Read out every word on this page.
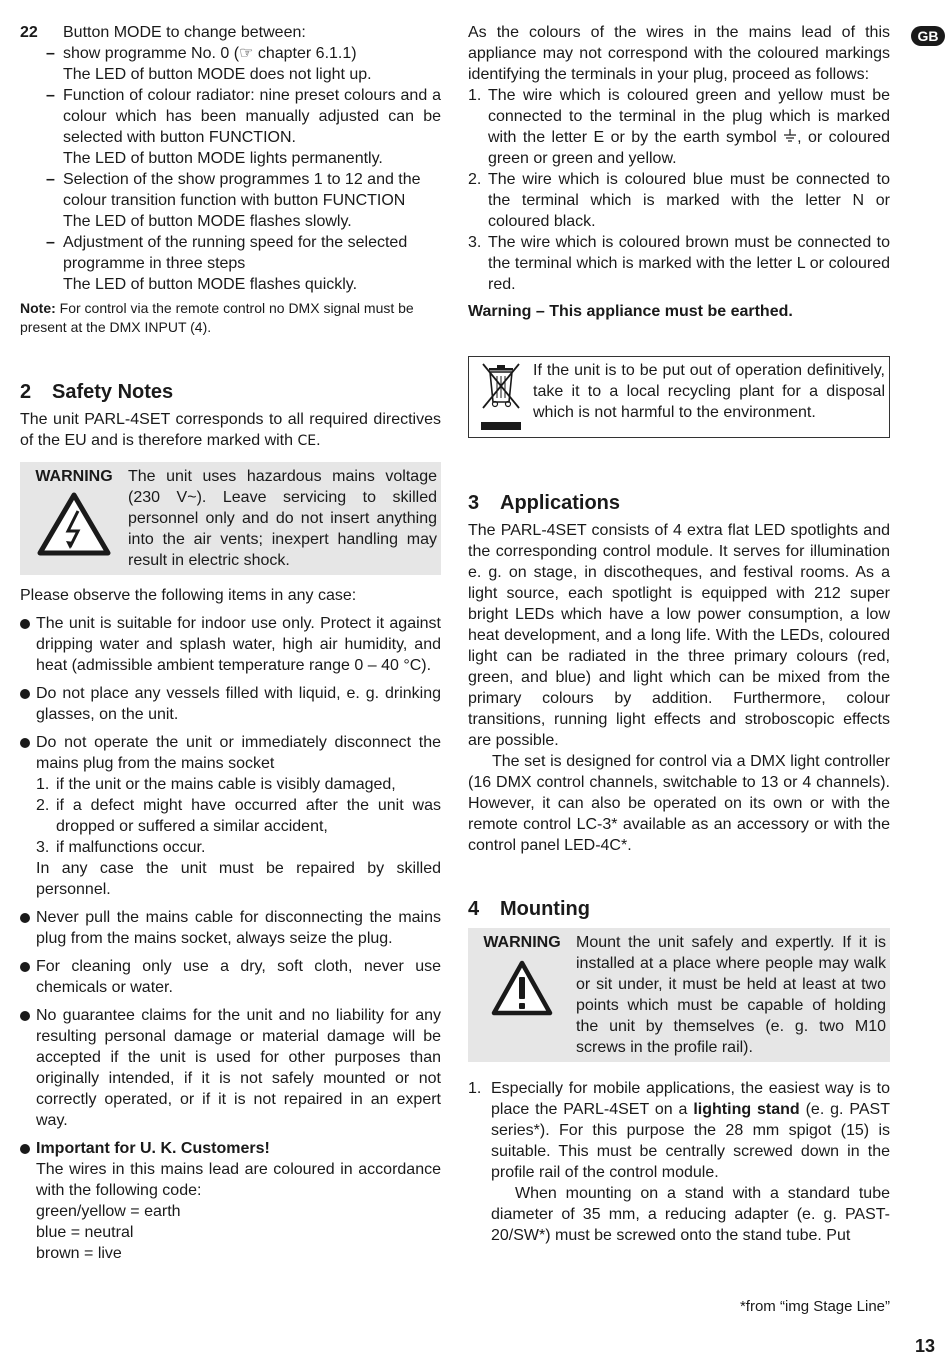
GB
22 Button MODE to change between:

– show programme No. 0 (☞ chapter 6.1.1)

The LED of button MODE does not light up.

– Function of colour radiator: nine preset colours and a colour which has been manually adjusted can be selected with button FUNCTION.

The LED of button MODE lights permanently.

– Selection of the show programmes 1 to 12 and the colour transition function with button FUNCTION

The LED of button MODE flashes slowly.

– Adjustment of the running speed for the selected programme in three steps

The LED of button MODE flashes quickly.

Note: For control via the remote control no DMX signal must be present at the DMX INPUT (4).

2 Safety Notes

The unit PARL-4SET corresponds to all required directives of the EU and is therefore marked with CE.

WARNING The unit uses hazardous mains voltage (230 V~). Leave servicing to skilled personnel only and do not insert anything into the air vents; inexpert handling may result in electric shock.

Please observe the following items in any case:

The unit is suitable for indoor use only. Protect it against dripping water and splash water, high air humidity, and heat (admissible ambient temperature range 0 – 40 °C).

Do not place any vessels filled with liquid, e. g. drinking glasses, on the unit.

Do not operate the unit or immediately disconnect the mains plug from the mains socket

1. if the unit or the mains cable is visibly damaged,

2. if a defect might have occurred after the unit was dropped or suffered a similar accident,

3. if malfunctions occur.

In any case the unit must be repaired by skilled personnel.

Never pull the mains cable for disconnecting the mains plug from the mains socket, always seize the plug.

For cleaning only use a dry, soft cloth, never use chemicals or water.

No guarantee claims for the unit and no liability for any resulting personal damage or material damage will be accepted if the unit is used for other purposes than originally intended, if it is not safely mounted or not correctly operated, or if it is not repaired in an expert way.

Important for U. K. Customers!

The wires in this mains lead are coloured in accordance with the following code:

green/yellow = earth

blue = neutral

brown = live

As the colours of the wires in the mains lead of this appliance may not correspond with the coloured markings identifying the terminals in your plug, proceed as follows:

1. The wire which is coloured green and yellow must be connected to the terminal in the plug which is marked with the letter E or by the earth symbol , or coloured green or green and yellow.

2. The wire which is coloured blue must be connected to the terminal which is marked with the letter N or coloured black.

3. The wire which is coloured brown must be connected to the terminal which is marked with the letter L or coloured red.

Warning – This appliance must be earthed.

If the unit is to be put out of operation definitively, take it to a local recycling plant for a disposal which is not harmful to the environment.

3 Applications

The PARL-4SET consists of 4 extra flat LED spotlights and the corresponding control module. It serves for illumination e. g. on stage, in discotheques, and festival rooms. As a light source, each spotlight is equipped with 212 super bright LEDs which have a low power consumption, a low heat development, and a long life. With the LEDs, coloured light can be radiated in the three primary colours (red, green, and blue) and light which can be mixed from the primary colours by addition. Furthermore, colour transitions, running light effects and stroboscopic effects are possible.

The set is designed for control via a DMX light controller (16 DMX control channels, switchable to 13 or 4 channels). However, it can also be operated on its own or with the remote control LC-3* available as an accessory or with the control panel LED-4C*.

4 Mounting
WARNING Mount the unit safely and expertly. If it is installed at a place where people may walk or sit under, it must be held at least at two points which must be capable of holding the unit by themselves (e. g. two M10 screws in the profile rail).

1. Especially for mobile applications, the easiest way is to place the PARL-4SET on a lighting stand (e. g. PAST series*). For this purpose the 28 mm spigot (15) is suitable. This must be centrally screwed down in the profile rail of the control module.

When mounting on a stand with a standard tube diameter of 35 mm, a reducing adapter (e. g. PAST-20/SW*) must be screwed onto the stand tube. Put

*from “img Stage Line”
13
